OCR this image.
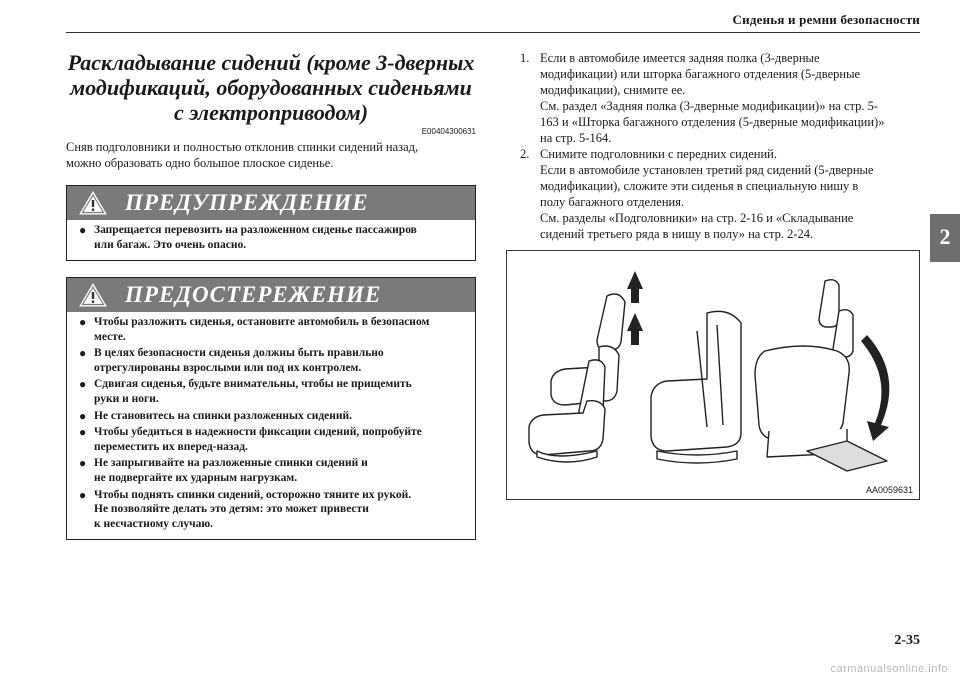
Сиденья и ремни безопасности
2
Раскладывание сидений (кроме 3-дверных
модификаций, оборудованных сиденьями
с электроприводом)
E00404300631
Сняв подголовники и полностью отклонив спинки сидений назад,
можно образовать одно большое плоское сиденье.
ПРЕДУПРЕЖДЕНИЕ
● Запрещается перевозить на разложенном сиденье пассажиров
или багаж. Это очень опасно.
ПРЕДОСТЕРЕЖЕНИЕ
● Чтобы разложить сиденья, остановите автомобиль в безопасном
месте.
● В целях безопасности сиденья должны быть правильно
отрегулированы взрослыми или под их контролем.
● Сдвигая сиденья, будьте внимательны, чтобы не прищемить
руки и ноги.
● Не становитесь на спинки разложенных сидений.
● Чтобы убедиться в надежности фиксации сидений, попробуйте
переместить их вперед-назад.
● Не запрыгивайте на разложенные спинки сидений и
не подвергайте их ударным нагрузкам.
● Чтобы поднять спинки сидений, осторожно тяните их рукой.
Не позволяйте делать это детям: это может привести
к несчастному случаю.
1. Если в автомобиле имеется задняя полка (3-дверные
модификации) или шторка багажного отделения (5-дверные
модификации), снимите ее.
См. раздел «Задняя полка (3-дверные модификации)» на стр. 5-
163 и «Шторка багажного отделения (5-дверные модификации)»
на стр. 5-164.
2. Снимите подголовники с передних сидений.
Если в автомобиле установлен третий ряд сидений (5-дверные
модификации), сложите эти сиденья в специальную нишу в
полу багажного отделения.
См. разделы «Подголовники» на стр. 2-16 и «Складывание
сидений третьего ряда в нишу в полу» на стр. 2-24.
AA0059631
2-35
carmanualsonline.info
